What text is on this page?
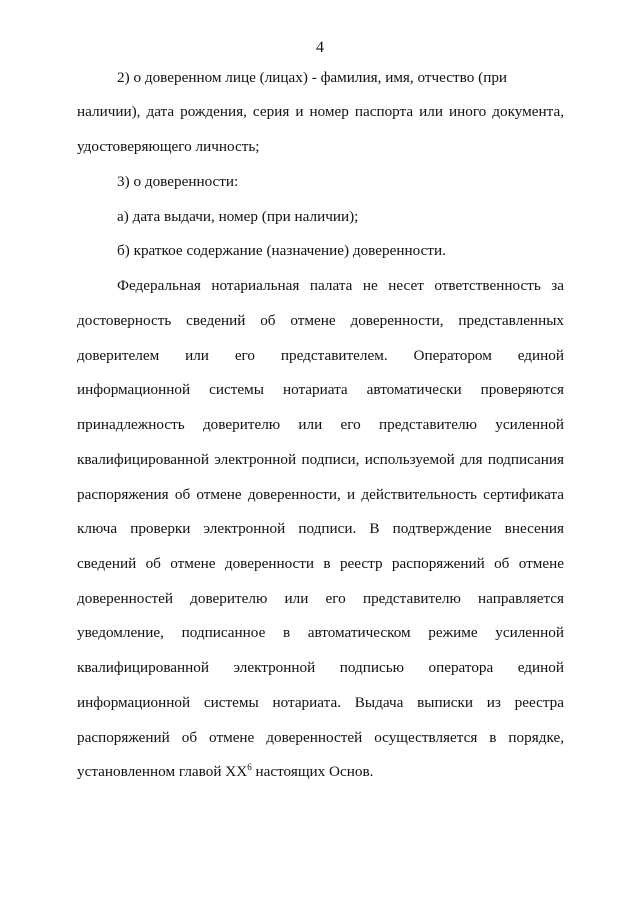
4
2) о доверенном лице (лицах) - фамилия, имя, отчество (при
наличии), дата рождения, серия и номер паспорта или иного документа,
удостоверяющего личность;
3) о доверенности:
а) дата выдачи, номер (при наличии);
б) краткое содержание (назначение) доверенности.
Федеральная нотариальная палата не несет ответственность за
достоверность сведений об отмене доверенности, представленных
доверителем или его представителем. Оператором единой
информационной системы нотариата автоматически проверяются
принадлежность доверителю или его представителю усиленной
квалифицированной электронной подписи, используемой для подписания
распоряжения об отмене доверенности, и действительность сертификата
ключа проверки электронной подписи. В подтверждение внесения
сведений об отмене доверенности в реестр распоряжений об отмене
доверенностей доверителю или его представителю направляется
уведомление, подписанное в автоматическом режиме усиленной
квалифицированной электронной подписью оператора единой
информационной системы нотариата. Выдача выписки из реестра
распоряжений об отмене доверенностей осуществляется в порядке,
установленном главой $XX^6$ настоящих Основ.
